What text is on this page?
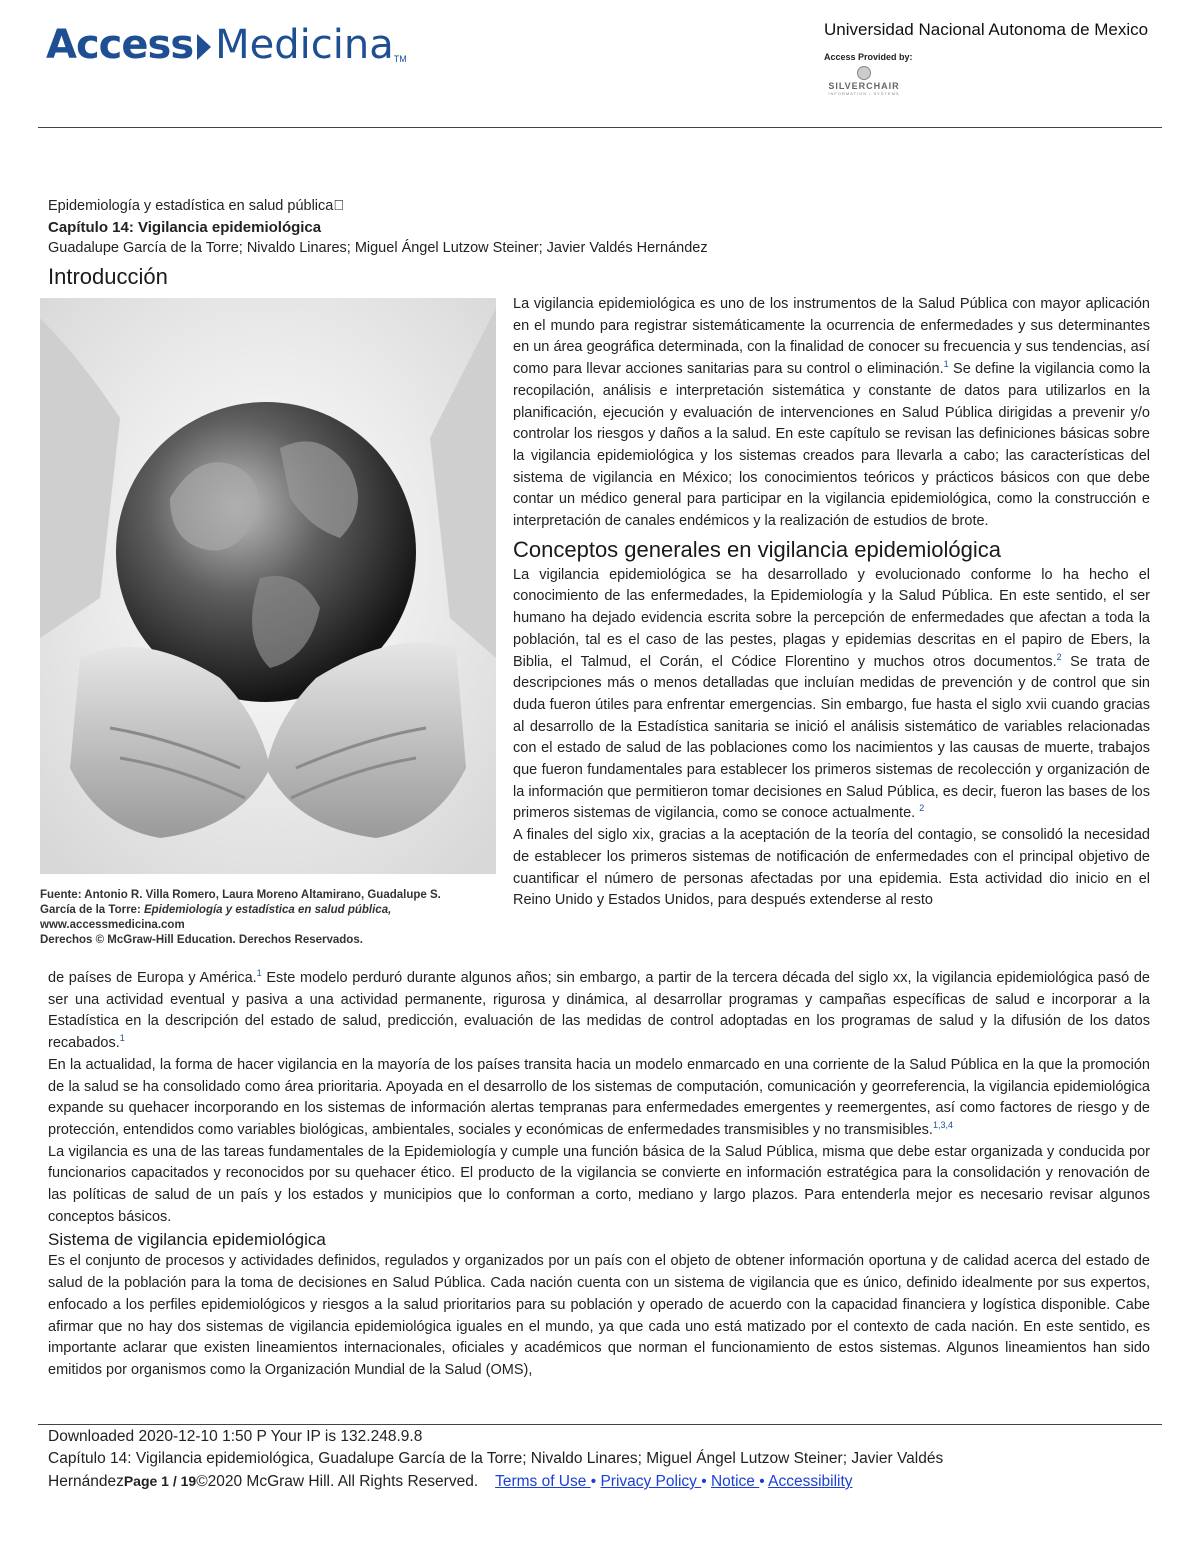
Access Medicina TM
Universidad Nacional Autonoma de Mexico
Access Provided by:
SILVERCHAIR
INFORMATION / SYSTEMS
Epidemiología y estadística en salud pública 
Capítulo 14: Vigilancia epidemiológica
Guadalupe García de la Torre; Nivaldo Linares; Miguel Ángel Lutzow Steiner; Javier Valdés Hernández
Introducción
Fuente: Antonio R. Villa Romero, Laura Moreno Altamirano, Guadalupe S.
García de la Torre: Epidemiología y estadística en salud pública,
www.accessmedicina.com
Derechos © McGraw-Hill Education. Derechos Reservados.

La vigilancia epidemiológica es uno de los instrumentos de la Salud Pública con mayor aplicación en el mundo para registrar sistemáticamente la ocurrencia de enfermedades y sus determinantes en un área geográfica determinada, con la finalidad de conocer su frecuencia y sus tendencias, así como para llevar acciones sanitarias para su control o eliminación.$^1$ Se define la vigilancia como la recopilación, análisis e interpretación sistemática y constante de datos para utilizarlos en la planificación, ejecución y evaluación de intervenciones en Salud Pública dirigidas a prevenir y/o controlar los riesgos y daños a la salud. En este capítulo se revisan las definiciones básicas sobre la vigilancia epidemiológica y los sistemas creados para llevarla a cabo; las características del sistema de vigilancia en México; los conocimientos teóricos y prácticos básicos con que debe contar un médico general para participar en la vigilancia epidemiológica, como la construcción e interpretación de canales endémicos y la realización de estudios de brote.

Conceptos generales en vigilancia epidemiológica

La vigilancia epidemiológica se ha desarrollado y evolucionado conforme lo ha hecho el conocimiento de las enfermedades, la Epidemiología y la Salud Pública. En este sentido, el ser humano ha dejado evidencia escrita sobre la percepción de enfermedades que afectan a toda la población, tal es el caso de las pestes, plagas y epidemias descritas en el papiro de Ebers, la Biblia, el Talmud, el Corán, el Códice Florentino y muchos otros documentos.$^2$ Se trata de descripciones más o menos detalladas que incluían medidas de prevención y de control que sin duda fueron útiles para enfrentar emergencias. Sin embargo, fue hasta el siglo xvii cuando gracias al desarrollo de la Estadística sanitaria se inició el análisis sistemático de variables relacionadas con el estado de salud de las poblaciones como los nacimientos y las causas de muerte, trabajos que fueron fundamentales para establecer los primeros sistemas de recolección y organización de la información que permitieron tomar decisiones en Salud Pública, es decir, fueron las bases de los primeros sistemas de vigilancia, como se conoce actualmente. $^2$

A finales del siglo xix, gracias a la aceptación de la teoría del contagio, se consolidó la necesidad de establecer los primeros sistemas de notificación de enfermedades con el principal objetivo de cuantificar el número de personas afectadas por una epidemia. Esta actividad dio inicio en el Reino Unido y Estados Unidos, para después extenderse al resto

de países de Europa y América.$^1$ Este modelo perduró durante algunos años; sin embargo, a partir de la tercera década del siglo xx, la vigilancia epidemiológica pasó de ser una actividad eventual y pasiva a una actividad permanente, rigurosa y dinámica, al desarrollar programas y campañas específicas de salud e incorporar a la Estadística en la descripción del estado de salud, predicción, evaluación de las medidas de control adoptadas en los programas de salud y la difusión de los datos recabados.$^1$

En la actualidad, la forma de hacer vigilancia en la mayoría de los países transita hacia un modelo enmarcado en una corriente de la Salud Pública en la que la promoción de la salud se ha consolidado como área prioritaria. Apoyada en el desarrollo de los sistemas de computación, comunicación y georreferencia, la vigilancia epidemiológica expande su quehacer incorporando en los sistemas de información alertas tempranas para enfermedades emergentes y reemergentes, así como factores de riesgo y de protección, entendidos como variables biológicas, ambientales, sociales y económicas de enfermedades transmisibles y no transmisibles.$^{1,3,4}$

La vigilancia es una de las tareas fundamentales de la Epidemiología y cumple una función básica de la Salud Pública, misma que debe estar organizada y conducida por funcionarios capacitados y reconocidos por su quehacer ético. El producto de la vigilancia se convierte en información estratégica para la consolidación y renovación de las políticas de salud de un país y los estados y municipios que lo conforman a corto, mediano y largo plazos. Para entenderla mejor es necesario revisar algunos conceptos básicos.

Sistema de vigilancia epidemiológica

Es el conjunto de procesos y actividades definidos, regulados y organizados por un país con el objeto de obtener información oportuna y de calidad acerca del estado de salud de la población para la toma de decisiones en Salud Pública. Cada nación cuenta con un sistema de vigilancia que es único, definido idealmente por sus expertos, enfocado a los perfiles epidemiológicos y riesgos a la salud prioritarios para su población y operado de acuerdo con la capacidad financiera y logística disponible. Cabe afirmar que no hay dos sistemas de vigilancia epidemiológica iguales en el mundo, ya que cada uno está matizado por el contexto de cada nación. En este sentido, es importante aclarar que existen lineamientos internacionales, oficiales y académicos que norman el funcionamiento de estos sistemas. Algunos lineamientos han sido emitidos por organismos como la Organización Mundial de la Salud (OMS),

Downloaded 2020-12-10 1:50 P Your IP is 132.248.9.8
Capítulo 14: Vigilancia epidemiológica, Guadalupe García de la Torre; Nivaldo Linares; Miguel Ángel Lutzow Steiner; Javier Valdés
HernándezPage 1 / 19©2020 McGraw Hill. All Rights Reserved. Terms of Use • Privacy Policy • Notice • Accessibility
